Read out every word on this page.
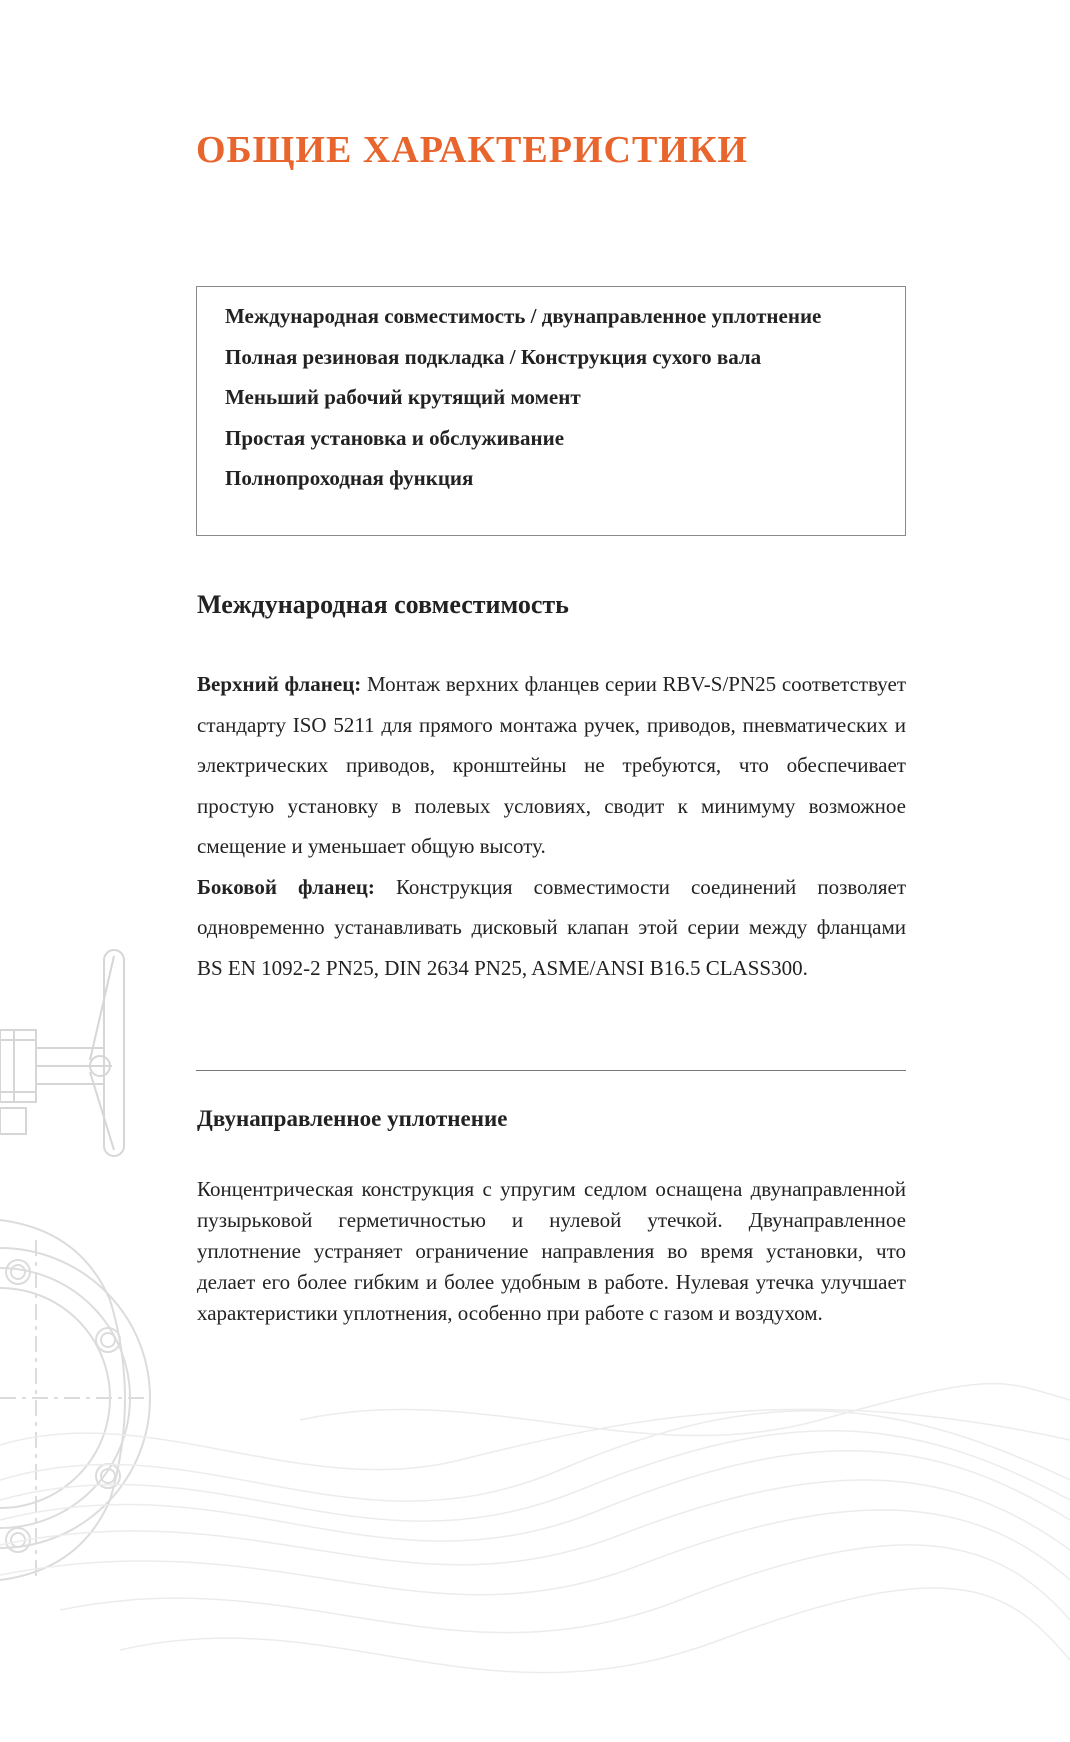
ОБЩИЕ ХАРАКТЕРИСТИКИ
Международная совместимость / двунаправленное уплотнение
Полная резиновая подкладка / Конструкция сухого вала
Меньший рабочий крутящий момент
Простая установка и обслуживание
Полнопроходная функция
Международная совместимость

Верхний фланец: Монтаж верхних фланцев серии RBV-S/PN25 соответствует стандарту ISO 5211 для прямого монтажа ручек, приводов, пневматических и электрических приводов, кронштейны не требуются, что обеспечивает простую установку в полевых условиях, сводит к минимуму возможное смещение и уменьшает общую высоту.

Боковой фланец: Конструкция совместимости соединений позволяет одновременно устанавливать дисковый клапан этой серии между фланцами BS EN 1092-2 PN25, DIN 2634 PN25, ASME/ANSI B16.5 CLASS300.

Двунаправленное уплотнение

Концентрическая конструкция с упругим седлом оснащена двунаправленной пузырьковой герметичностью и нулевой утечкой. Двунаправленное уплотнение устраняет ограничение направления во время установки, что делает его более гибким и более удобным в работе. Нулевая утечка улучшает характеристики уплотнения, особенно при работе с газом и воздухом.
